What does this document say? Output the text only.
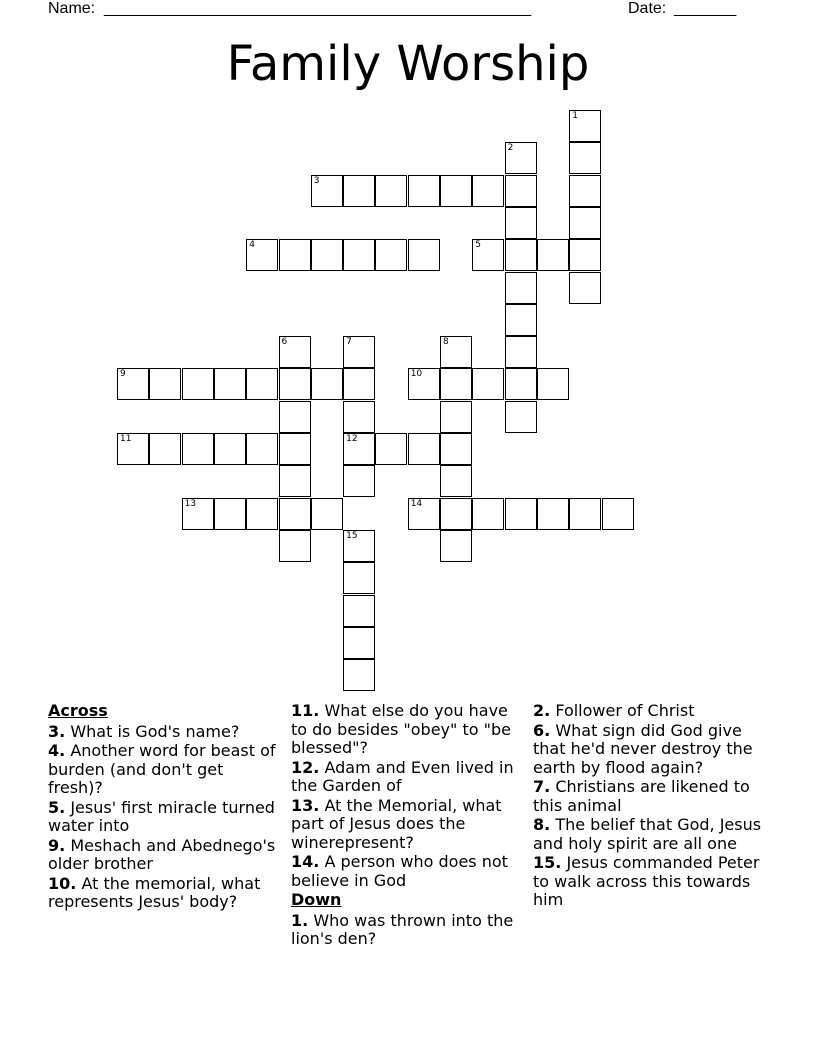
Name: ________________________________________________	Date: _______
Family Worship
1
2
3
4	5
6	7	8
9	10
11	12
13	14
15
Across
3. What is God's name?
4. Another word for beast of burden (and don't get fresh)?
5. Jesus' first miracle turned water into
9. Meshach and Abednego's older brother
10. At the memorial, what represents Jesus' body?
11. What else do you have to do besides "obey" to "be blessed"?
12. Adam and Even lived in the Garden of
13. At the Memorial, what part of Jesus does the winerepresent?
14. A person who does not believe in God
Down
1. Who was thrown into the lion's den?
2. Follower of Christ
6. What sign did God give that he'd never destroy the earth by flood again?
7. Christians are likened to this animal
8. The belief that God, Jesus and holy spirit are all one
15. Jesus commanded Peter to walk across this towards him
